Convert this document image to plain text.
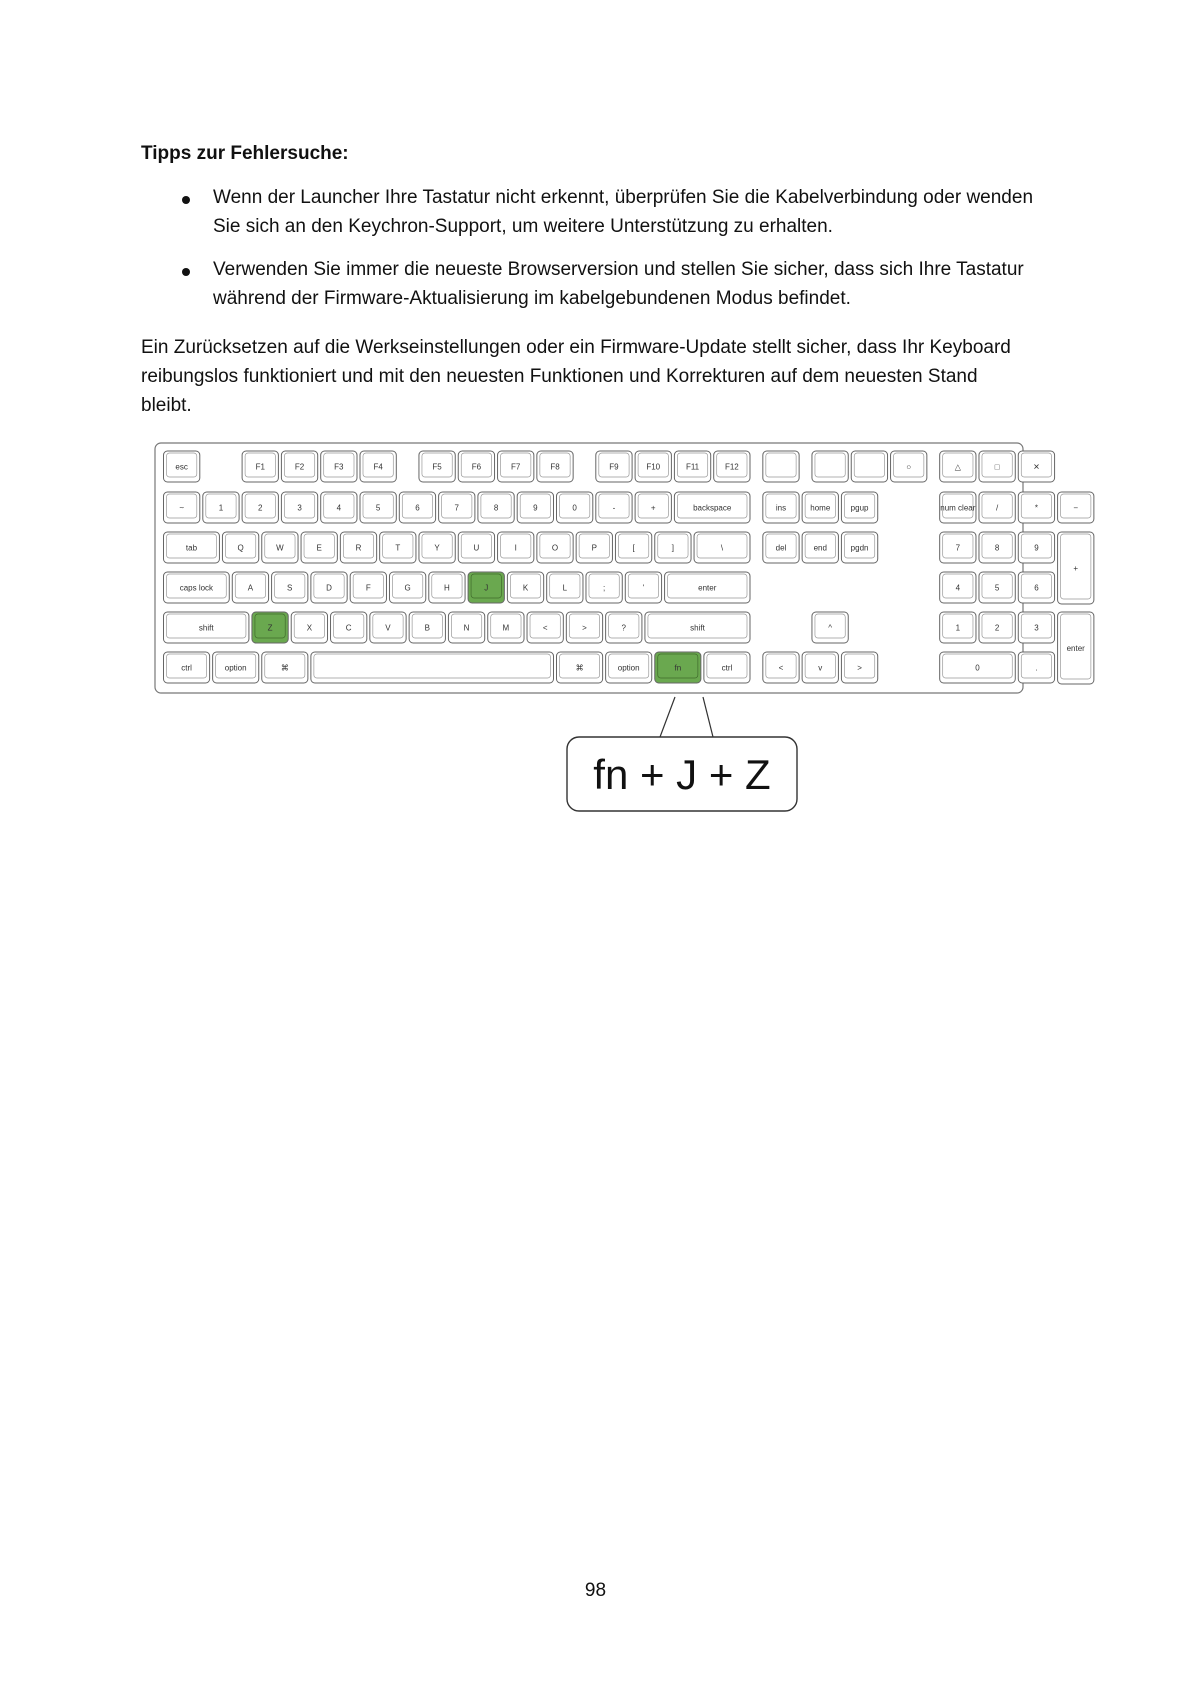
Tipps zur Fehlersuche:

Wenn der Launcher Ihre Tastatur nicht erkennt, überprüfen Sie die Kabelverbindung oder wenden Sie sich an den Keychron-Support, um weitere Unterstützung zu erhalten.
Verwenden Sie immer die neueste Browserversion und stellen Sie sicher, dass sich Ihre Tastatur während der Firmware-Aktualisierung im kabelgebundenen Modus befindet.

Ein Zurücksetzen auf die Werkseinstellungen oder ein Firmware-Update stellt sicher, dass Ihr Keyboard reibungslos funktioniert und mit den neuesten Funktionen und Korrekturen auf dem neuesten Stand bleibt.

esc	F1	F2	F3	F4	F5	F6	F7	F8	F9	F10	F11	F12	○	△	□	✕
~	1	2	3	4	5	6	7	8	9	0	-	+	backspace	ins	home	pgup	num clear	/	*	−
tab	Q	W	E	R	T	Y	U	I	O	P	[	]	\	del	end	pgdn	7	8	9
+
caps lock	A	S	D	F	G	H	J	K	L	;	'	enter	4	5	6
shift	Z	X	C	V	B	N	M	<	>	?	shift	^	1	2	3
enter
ctrl	option	⌘	⌘	option	fn	ctrl	<	v	>	0	.
fn + J + Z
98
